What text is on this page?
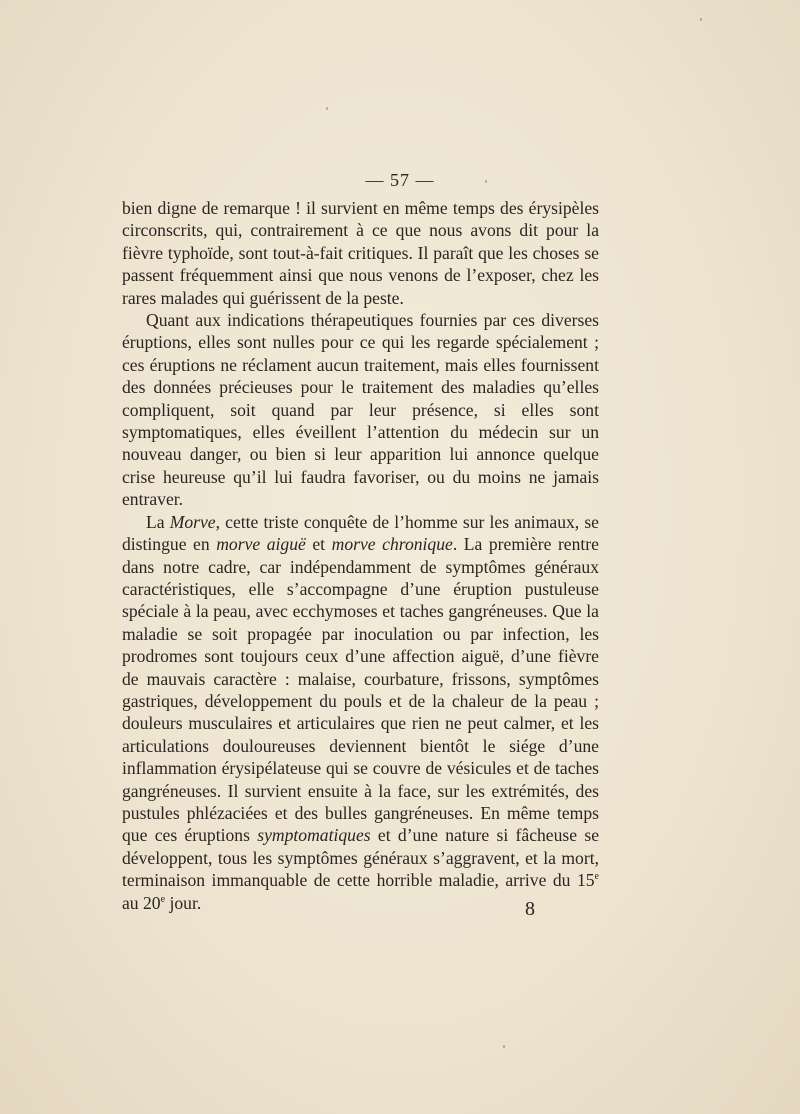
— 57 —

bien digne de remarque ! il survient en même temps des érysipèles circonscrits, qui, contrairement à ce que nous avons dit pour la fièvre typhoïde, sont tout-à-fait critiques. Il paraît que les choses se passent fréquemment ainsi que nous venons de l’exposer, chez les rares malades qui guérissent de la peste.

Quant aux indications thérapeutiques fournies par ces diverses éruptions, elles sont nulles pour ce qui les regarde spécialement ; ces éruptions ne réclament aucun traitement, mais elles fournissent des données précieuses pour le traitement des maladies qu’elles compliquent, soit quand par leur présence, si elles sont symptomatiques, elles éveillent l’attention du médecin sur un nouveau danger, ou bien si leur apparition lui annonce quelque crise heureuse qu’il lui faudra favoriser, ou du moins ne jamais entraver.

La Morve, cette triste conquête de l’homme sur les animaux, se distingue en morve aiguë et morve chronique. La première rentre dans notre cadre, car indépendamment de symptômes généraux caractéristiques, elle s’accompagne d’une éruption pustuleuse spéciale à la peau, avec ecchymoses et taches gangréneuses. Que la maladie se soit propagée par inoculation ou par infection, les prodromes sont toujours ceux d’une affection aiguë, d’une fièvre de mauvais caractère : malaise, courbature, frissons, symptômes gastriques, développement du pouls et de la chaleur de la peau ; douleurs musculaires et articulaires que rien ne peut calmer, et les articulations douloureuses deviennent bientôt le siége d’une inflammation érysipélateuse qui se couvre de vésicules et de taches gangréneuses. Il survient ensuite à la face, sur les extrémités, des pustules phlézaciées et des bulles gangréneuses. En même temps que ces éruptions symptomatiques et d’une nature si fâcheuse se développent, tous les symptômes généraux s’aggravent, et la mort, terminaison immanquable de cette horrible maladie, arrive du 15e au 20e jour.	8
